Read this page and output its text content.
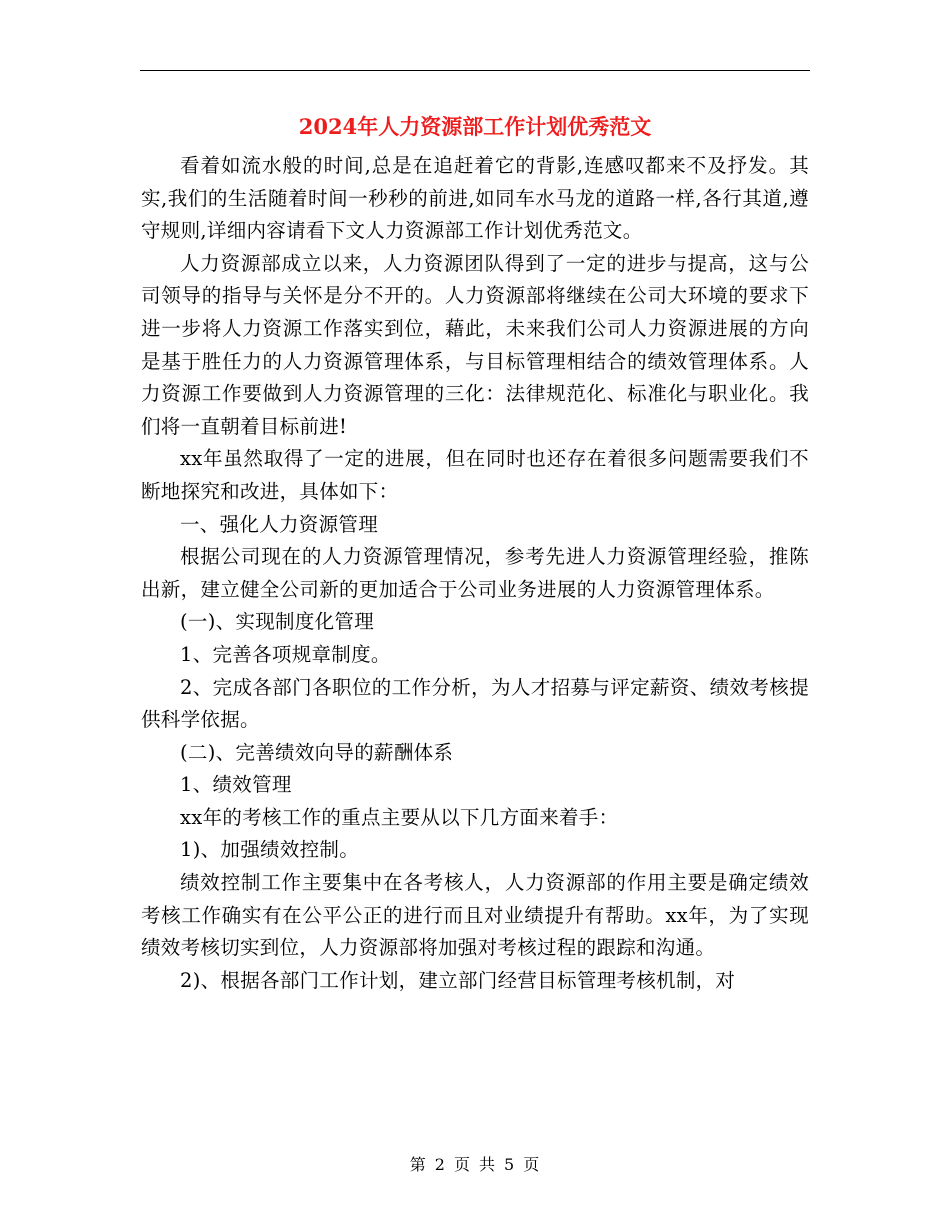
2024年人力资源部工作计划优秀范文

看着如流水般的时间,总是在追赶着它的背影,连感叹都来不及抒发。其实,我们的生活随着时间一秒秒的前进,如同车水马龙的道路一样,各行其道,遵守规则,详细内容请看下文人力资源部工作计划优秀范文。

人力资源部成立以来，人力资源团队得到了一定的进步与提高，这与公司领导的指导与关怀是分不开的。人力资源部将继续在公司大环境的要求下进一步将人力资源工作落实到位，藉此，未来我们公司人力资源进展的方向是基于胜任力的人力资源管理体系，与目标管理相结合的绩效管理体系。人力资源工作要做到人力资源管理的三化：法律规范化、标准化与职业化。我们将一直朝着目标前进!

xx年虽然取得了一定的进展，但在同时也还存在着很多问题需要我们不断地探究和改进，具体如下：

一、强化人力资源管理

根据公司现在的人力资源管理情况，参考先进人力资源管理经验，推陈出新，建立健全公司新的更加适合于公司业务进展的人力资源管理体系。

(一)、实现制度化管理

1、完善各项规章制度。

2、完成各部门各职位的工作分析，为人才招募与评定薪资、绩效考核提供科学依据。

(二)、完善绩效向导的薪酬体系

1、绩效管理

xx年的考核工作的重点主要从以下几方面来着手：

1)、加强绩效控制。

绩效控制工作主要集中在各考核人，人力资源部的作用主要是确定绩效考核工作确实有在公平公正的进行而且对业绩提升有帮助。xx年，为了实现绩效考核切实到位，人力资源部将加强对考核过程的跟踪和沟通。

2)、根据各部门工作计划，建立部门经营目标管理考核机制，对

第 2 页 共 5 页
